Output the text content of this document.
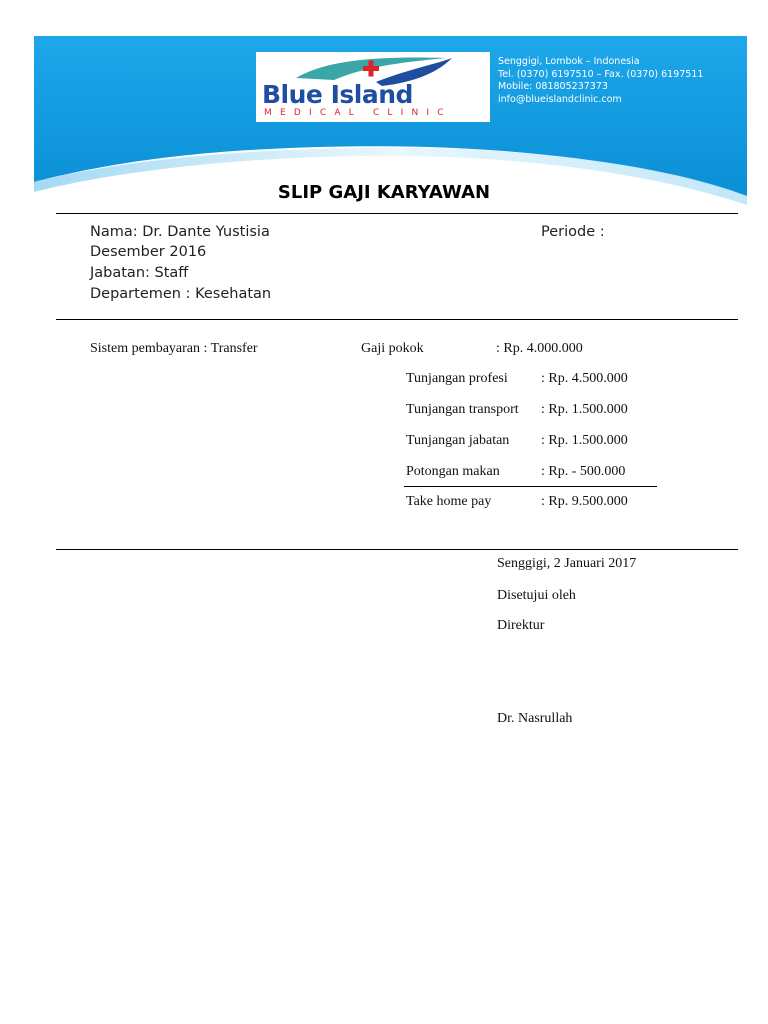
Blue Island
MEDICAL CLINIC
Senggigi, Lombok – Indonesia
Tel. (0370) 6197510 – Fax. (0370) 6197511
Mobile: 081805237373
info@blueislandclinic.com
SLIP GAJI KARYAWAN
Nama: Dr. Dante Yustisia	Periode :
Desember 2016
Jabatan: Staff
Departemen : Kesehatan
Sistem pembayaran : Transfer	Gaji pokok	: Rp. 4.000.000
Tunjangan profesi : Rp. 4.500.000
Tunjangan transport : Rp. 1.500.000
Tunjangan jabatan : Rp. 1.500.000
Potongan makan	: Rp. - 500.000
Take home pay	: Rp. 9.500.000
Senggigi, 2 Januari 2017
Disetujui oleh
Direktur
Dr. Nasrullah
